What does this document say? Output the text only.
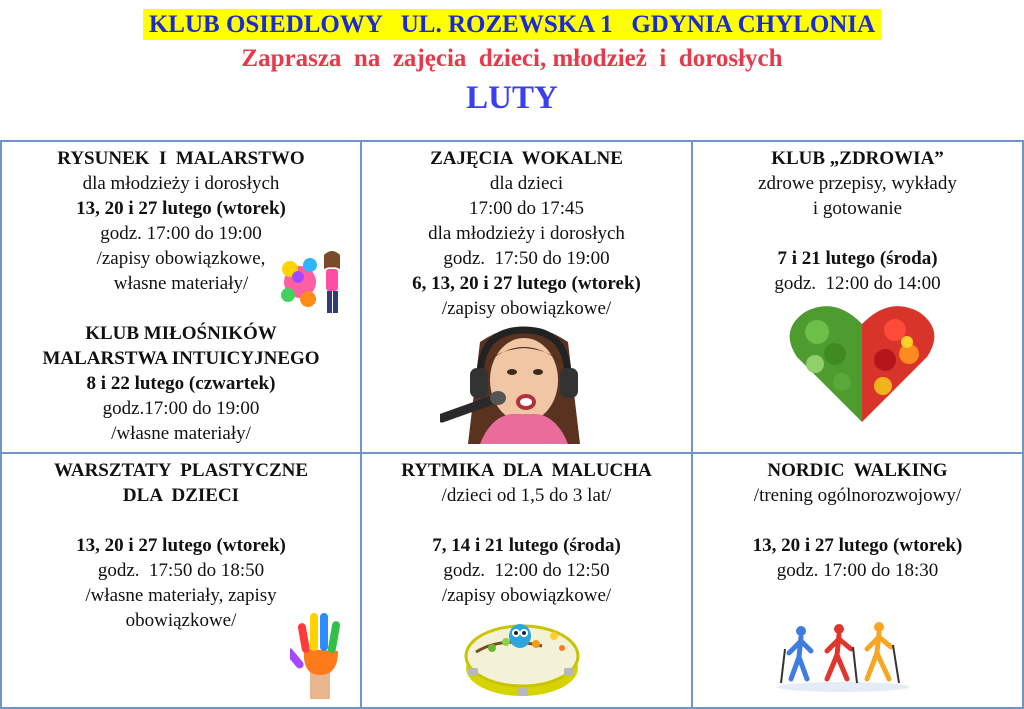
KLUB OSIEDLOWY   UL. ROZEWSKA 1   GDYNIA CHYLONIA
Zaprasza  na  zajęcia  dzieci, młodzież  i  dorosłych
LUTY
RYSUNEK  I  MALARSTWO
dla młodzieży i dorosłych
13, 20 i 27 lutego (wtorek)
godz. 17:00 do 19:00
/zapisy obowiązkowe,
własne materiały/
KLUB MIŁOŚNIKÓW
MALARSTWA INTUICYJNEGO
8 i 22 lutego (czwartek)
godz.17:00 do 19:00
/własne materiały/
ZAJĘCIA  WOKALNE
dla dzieci
17:00 do 17:45
dla młodzieży i dorosłych
godz.  17:50 do 19:00
6, 13, 20 i 27 lutego (wtorek)
/zapisy obowiązkowe/
KLUB „ZDROWIA”
zdrowe przepisy, wykłady
i gotowanie
7 i 21 lutego (środa)
godz.  12:00 do 14:00
WARSZTATY  PLASTYCZNE
DLA  DZIECI
13, 20 i 27 lutego (wtorek)
godz.  17:50 do 18:50
/własne materiały, zapisy
obowiązkowe/
RYTMIKA  DLA  MALUCHA
/dzieci od 1,5 do 3 lat/
7, 14 i 21 lutego (środa)
godz.  12:00 do 12:50
/zapisy obowiązkowe/
NORDIC  WALKING
/trening ogólnorozwojowy/
13, 20 i 27 lutego (wtorek)
godz. 17:00 do 18:30
